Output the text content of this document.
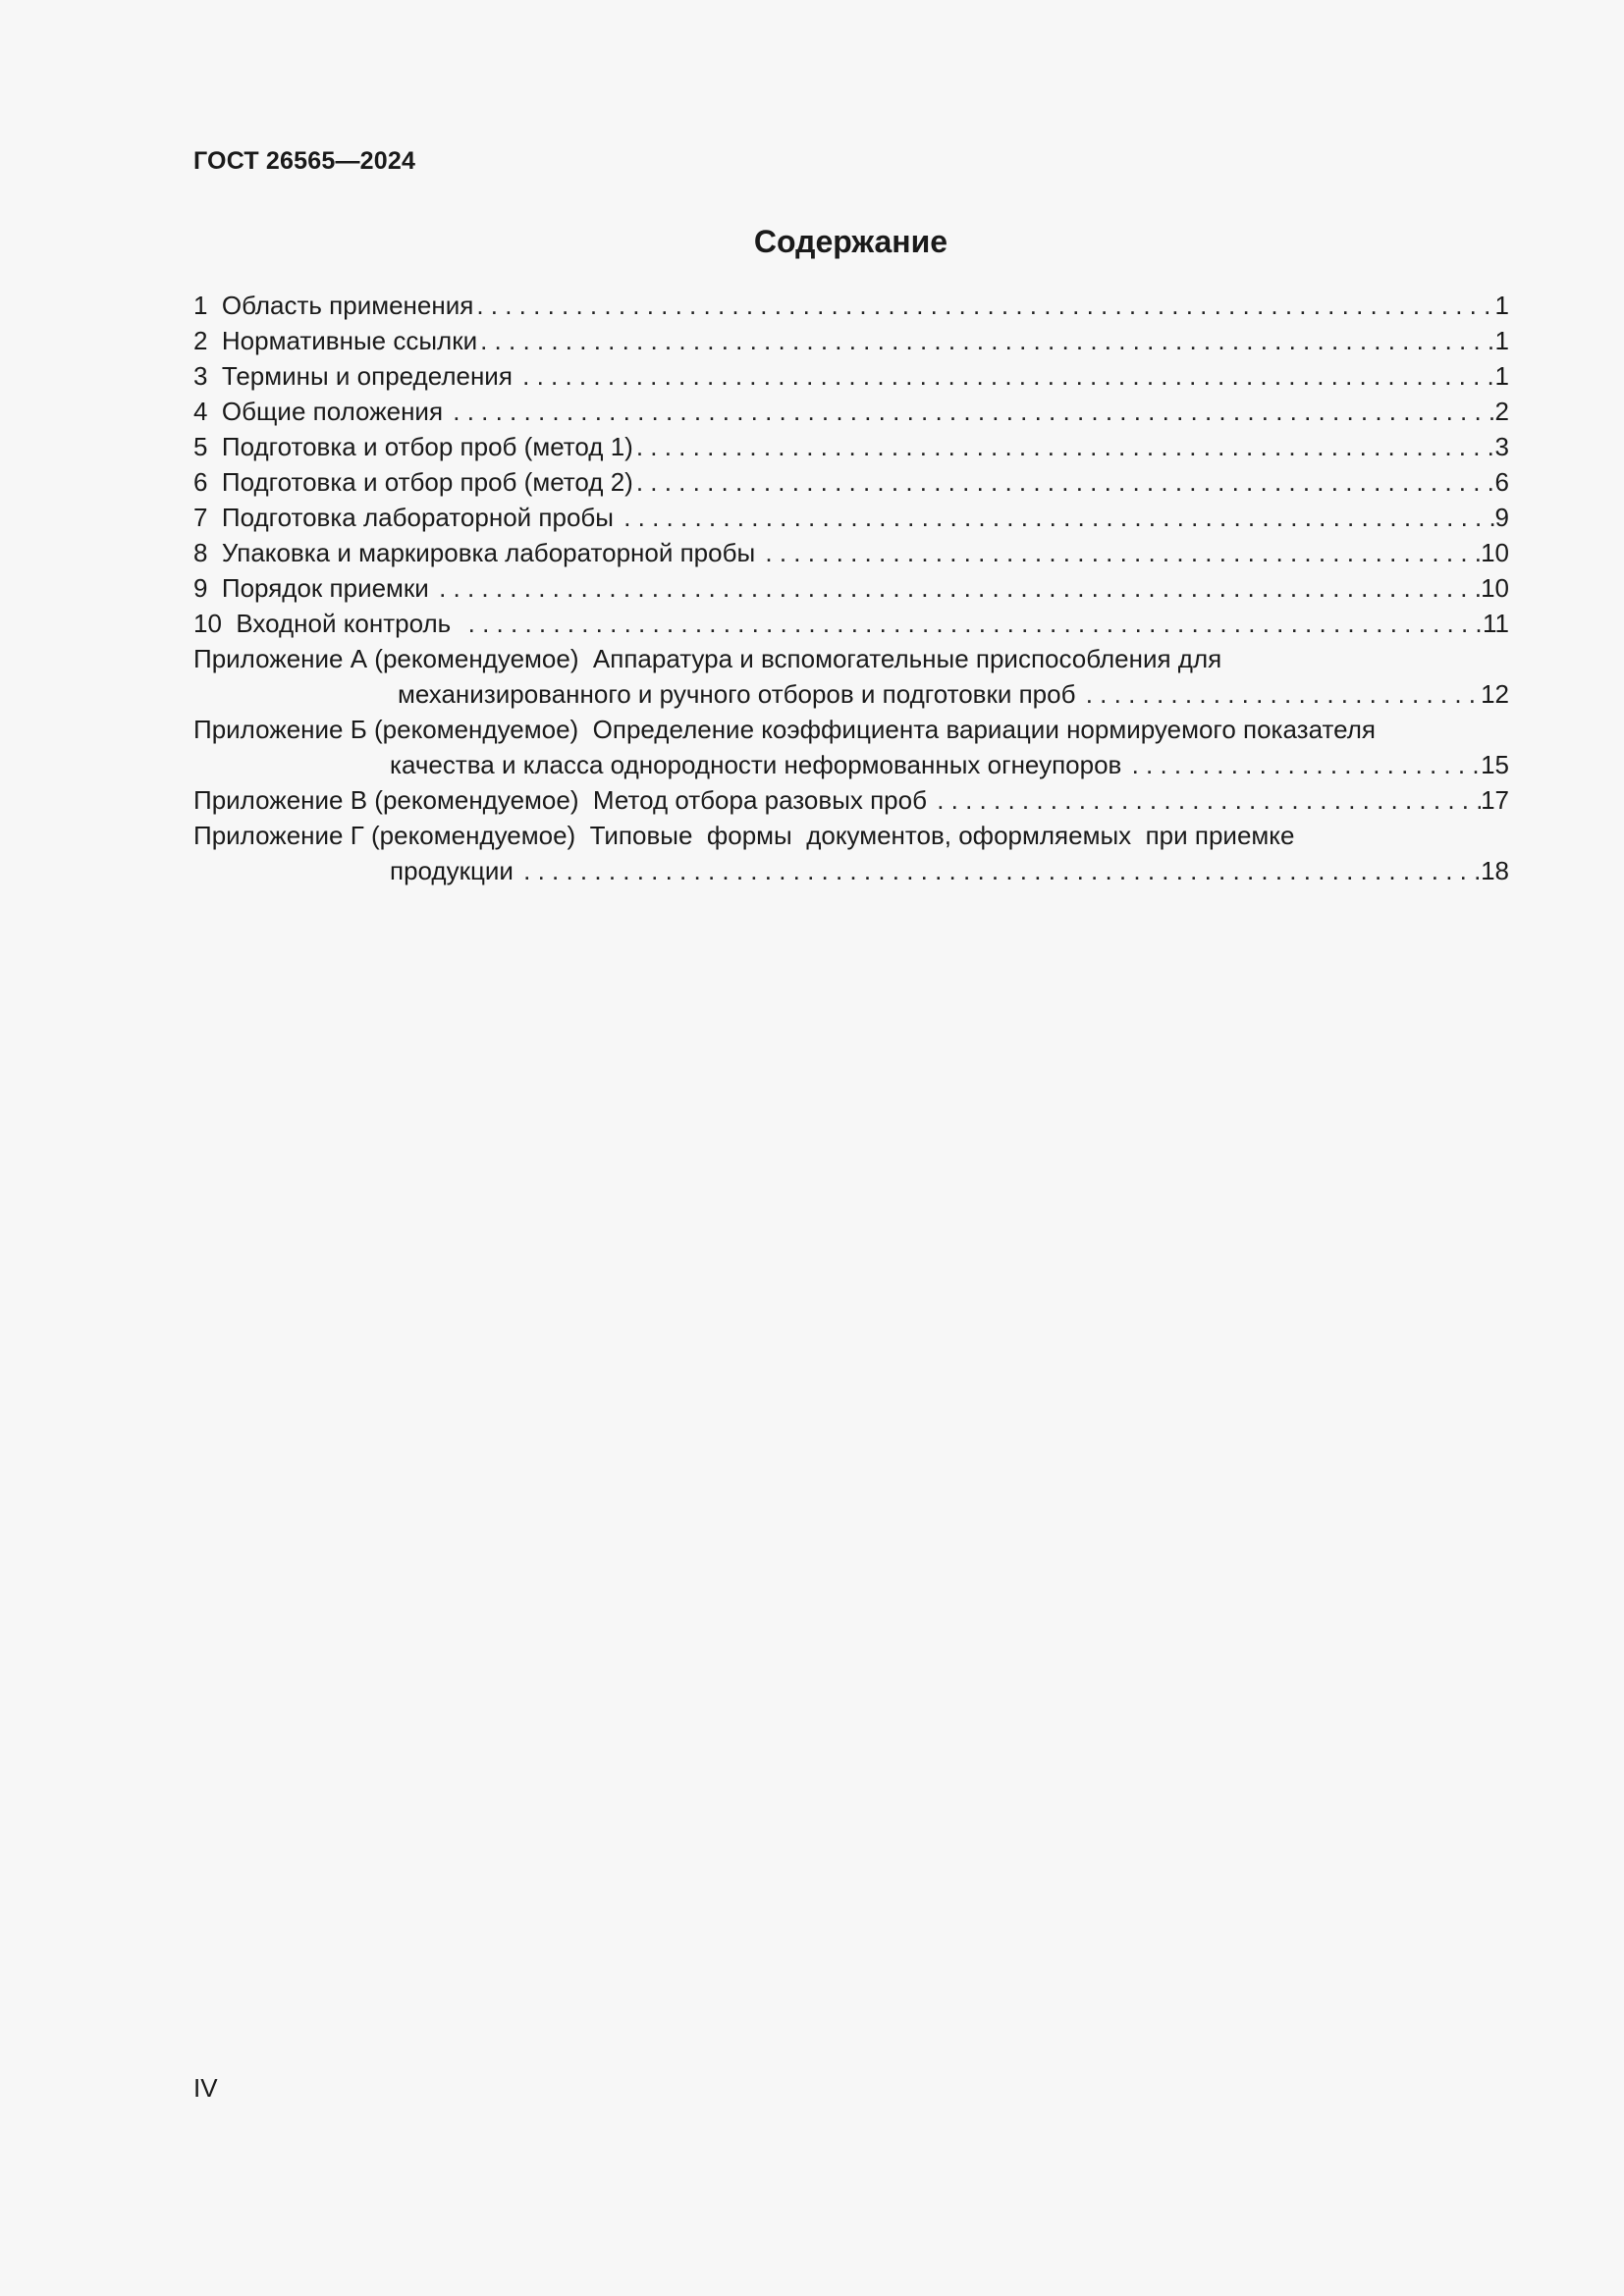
ГОСТ 26565—2024
Содержание
1  Область применения . . .	1
2  Нормативные ссылки . . .	1
3  Термины и определения . . .	1
4  Общие положения . . .	2
5  Подготовка и отбор проб (метод 1) . . .	3
6  Подготовка и отбор проб (метод 2) . . .	6
7  Подготовка лабораторной пробы . . .	9
8  Упаковка и маркировка лабораторной пробы . . .	10
9  Порядок приемки . . .	10
10  Входной контроль . . .	11
Приложение А (рекомендуемое)  Аппаратура и вспомогательные приспособления для
механизированного и ручного отборов и подготовки проб . . .	12
Приложение Б (рекомендуемое)  Определение коэффициента вариации нормируемого показателя
качества и класса однородности неформованных огнеупоров . . .	15
Приложение В (рекомендуемое)  Метод отбора разовых проб . . .	17
Приложение Г (рекомендуемое)  Типовые  формы  документов, оформляемых  при приемке
продукции . . .	18
IV
